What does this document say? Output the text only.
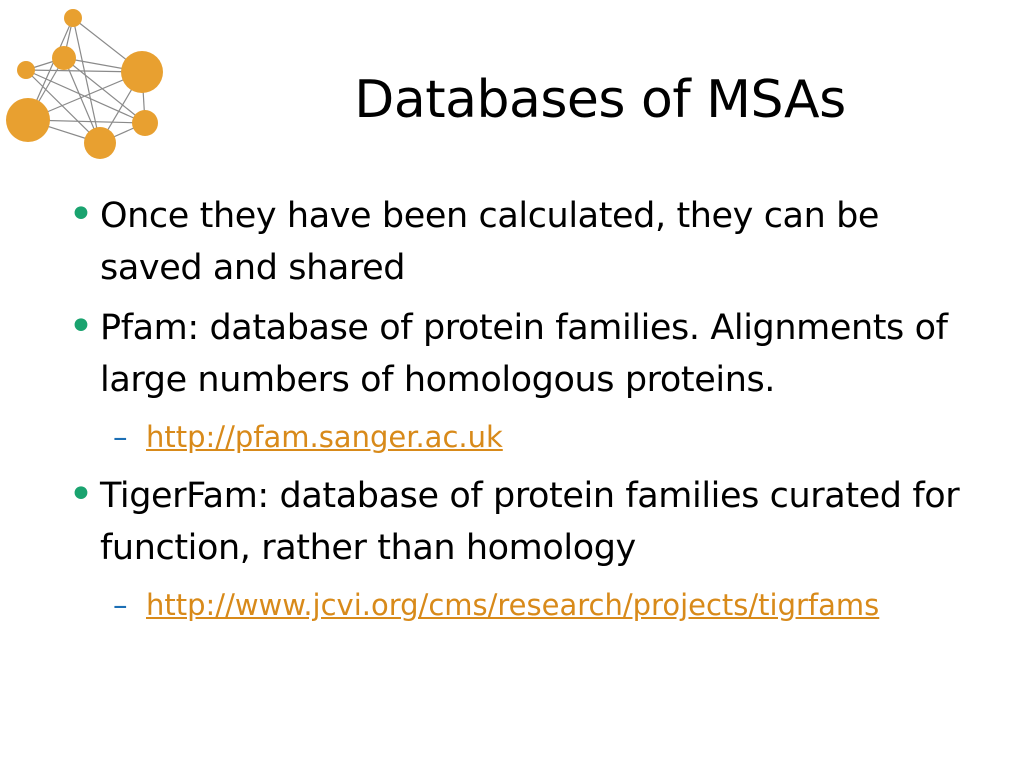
Databases of MSAs
• Once they have been calculated, they can be saved and shared
• Pfam: database of protein families. Alignments of large numbers of homologous proteins.
– http://pfam.sanger.ac.uk
• TigerFam: database of protein families curated for function, rather than homology
– http://www.jcvi.org/cms/research/projects/tigrfams
